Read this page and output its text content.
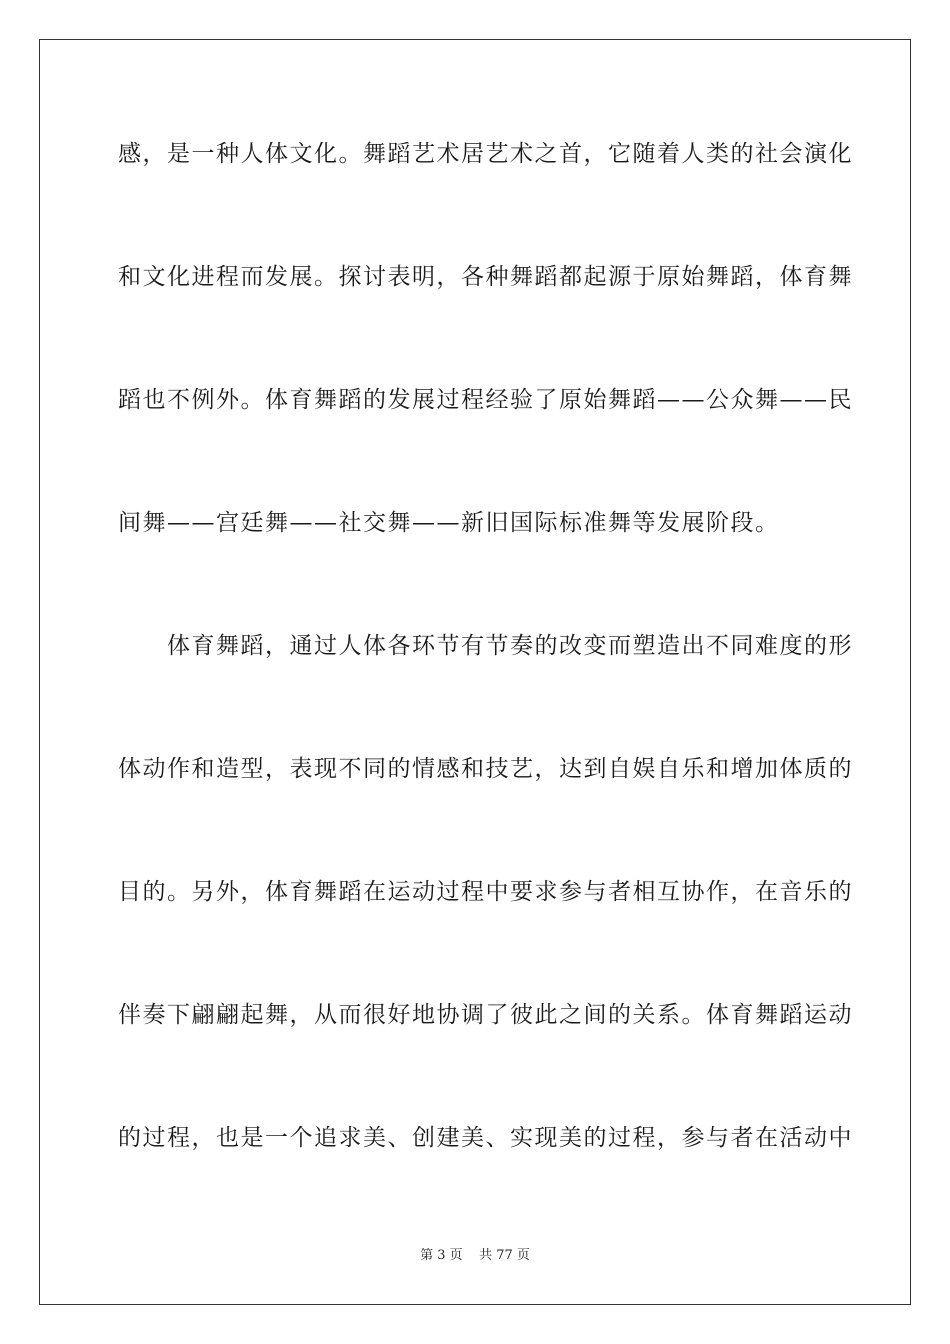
感，是一种人体文化。舞蹈艺术居艺术之首，它随着人类的社会演化
和文化进程而发展。探讨表明，各种舞蹈都起源于原始舞蹈，体育舞
蹈也不例外。体育舞蹈的发展过程经验了原始舞蹈——公众舞——民
间舞——宫廷舞——社交舞——新旧国际标准舞等发展阶段。
　　体育舞蹈，通过人体各环节有节奏的改变而塑造出不同难度的形
体动作和造型，表现不同的情感和技艺，达到自娱自乐和增加体质的
目的。另外，体育舞蹈在运动过程中要求参与者相互协作，在音乐的
伴奏下翩翩起舞，从而很好地协调了彼此之间的关系。体育舞蹈运动
的过程，也是一个追求美、创建美、实现美的过程，参与者在活动中
第 3 页    共 77 页
